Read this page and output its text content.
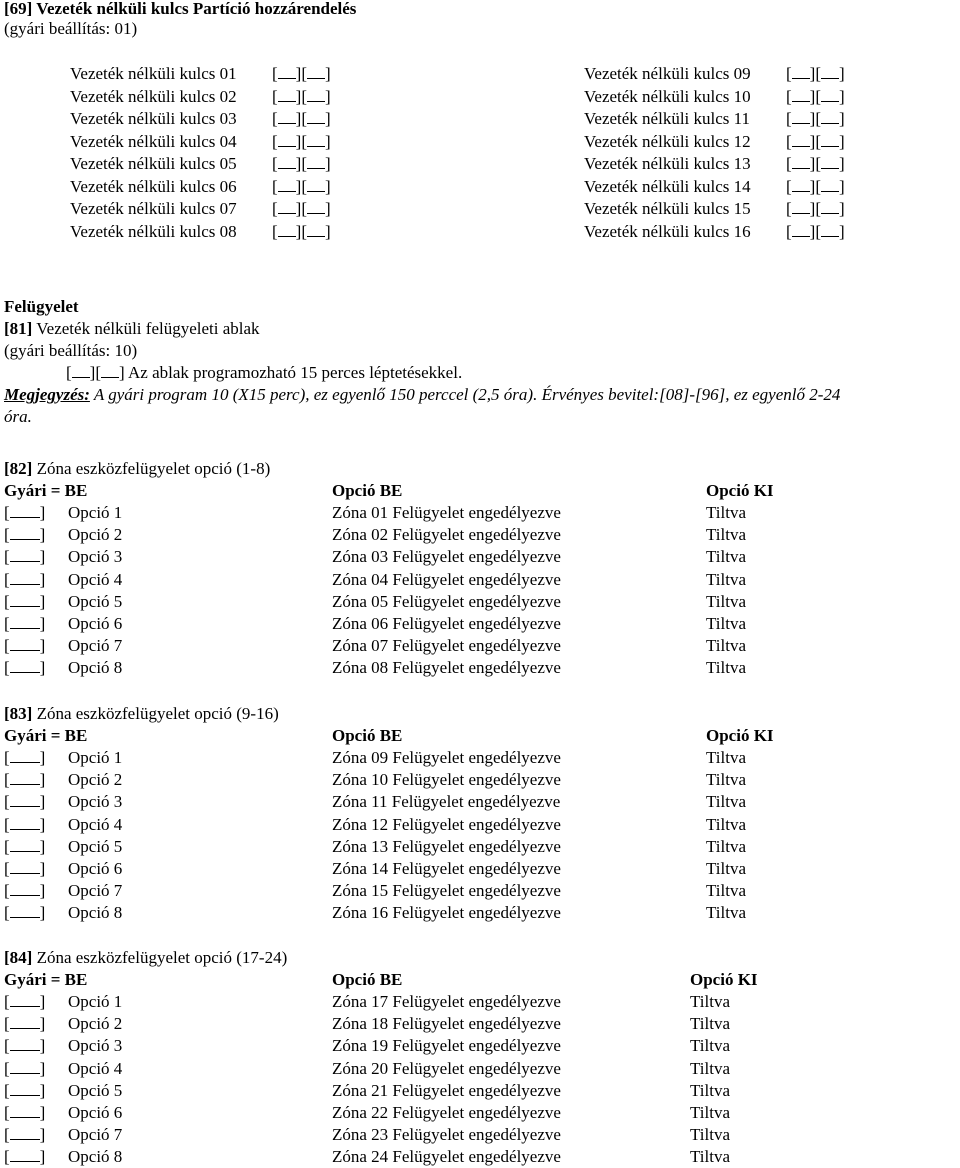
[69] Vezeték nélküli kulcs Partíció hozzárendelés
(gyári beállítás: 01)
Vezeték nélküli kulcs 01 [ ][ ]
Vezeték nélküli kulcs 02 [ ][ ]
Vezeték nélküli kulcs 03 [ ][ ]
Vezeték nélküli kulcs 04 [ ][ ]
Vezeték nélküli kulcs 05 [ ][ ]
Vezeték nélküli kulcs 06 [ ][ ]
Vezeték nélküli kulcs 07 [ ][ ]
Vezeték nélküli kulcs 08 [ ][ ]
Vezeték nélküli kulcs 09 [ ][ ]
Vezeték nélküli kulcs 10 [ ][ ]
Vezeték nélküli kulcs 11 [ ][ ]
Vezeték nélküli kulcs 12 [ ][ ]
Vezeték nélküli kulcs 13 [ ][ ]
Vezeték nélküli kulcs 14 [ ][ ]
Vezeték nélküli kulcs 15 [ ][ ]
Vezeték nélküli kulcs 16 [ ][ ]
Felügyelet
[81] Vezeték nélküli felügyeleti ablak
(gyári beállítás: 10)
[ ][ ] Az ablak programozható 15 perces léptetésekkel.
Megjegyzés: A gyári program 10 (X15 perc), ez egyenlő 150 perccel (2,5 óra). Érvényes bevitel:[08]-[96], ez egyenlő 2-24
óra.
[82] Zóna eszközfelügyelet opció (1-8)
Gyári = BE	Opció BE	Opció KI
[ ] Opció 1	Zóna 01 Felügyelet engedélyezve	Tiltva
[ ] Opció 2	Zóna 02 Felügyelet engedélyezve	Tiltva
[ ] Opció 3	Zóna 03 Felügyelet engedélyezve	Tiltva
[ ] Opció 4	Zóna 04 Felügyelet engedélyezve	Tiltva
[ ] Opció 5	Zóna 05 Felügyelet engedélyezve	Tiltva
[ ] Opció 6	Zóna 06 Felügyelet engedélyezve	Tiltva
[ ] Opció 7	Zóna 07 Felügyelet engedélyezve	Tiltva
[ ] Opció 8	Zóna 08 Felügyelet engedélyezve	Tiltva
[83] Zóna eszközfelügyelet opció (9-16)
Gyári = BE	Opció BE	Opció KI
[ ] Opció 1	Zóna 09 Felügyelet engedélyezve	Tiltva
[ ] Opció 2	Zóna 10 Felügyelet engedélyezve	Tiltva
[ ] Opció 3	Zóna 11 Felügyelet engedélyezve	Tiltva
[ ] Opció 4	Zóna 12 Felügyelet engedélyezve	Tiltva
[ ] Opció 5	Zóna 13 Felügyelet engedélyezve	Tiltva
[ ] Opció 6	Zóna 14 Felügyelet engedélyezve	Tiltva
[ ] Opció 7	Zóna 15 Felügyelet engedélyezve	Tiltva
[ ] Opció 8	Zóna 16 Felügyelet engedélyezve	Tiltva
[84] Zóna eszközfelügyelet opció (17-24)
Gyári = BE	Opció BE	Opció KI
[ ] Opció 1	Zóna 17 Felügyelet engedélyezve	Tiltva
[ ] Opció 2	Zóna 18 Felügyelet engedélyezve	Tiltva
[ ] Opció 3	Zóna 19 Felügyelet engedélyezve	Tiltva
[ ] Opció 4	Zóna 20 Felügyelet engedélyezve	Tiltva
[ ] Opció 5	Zóna 21 Felügyelet engedélyezve	Tiltva
[ ] Opció 6	Zóna 22 Felügyelet engedélyezve	Tiltva
[ ] Opció 7	Zóna 23 Felügyelet engedélyezve	Tiltva
[ ] Opció 8	Zóna 24 Felügyelet engedélyezve	Tiltva
